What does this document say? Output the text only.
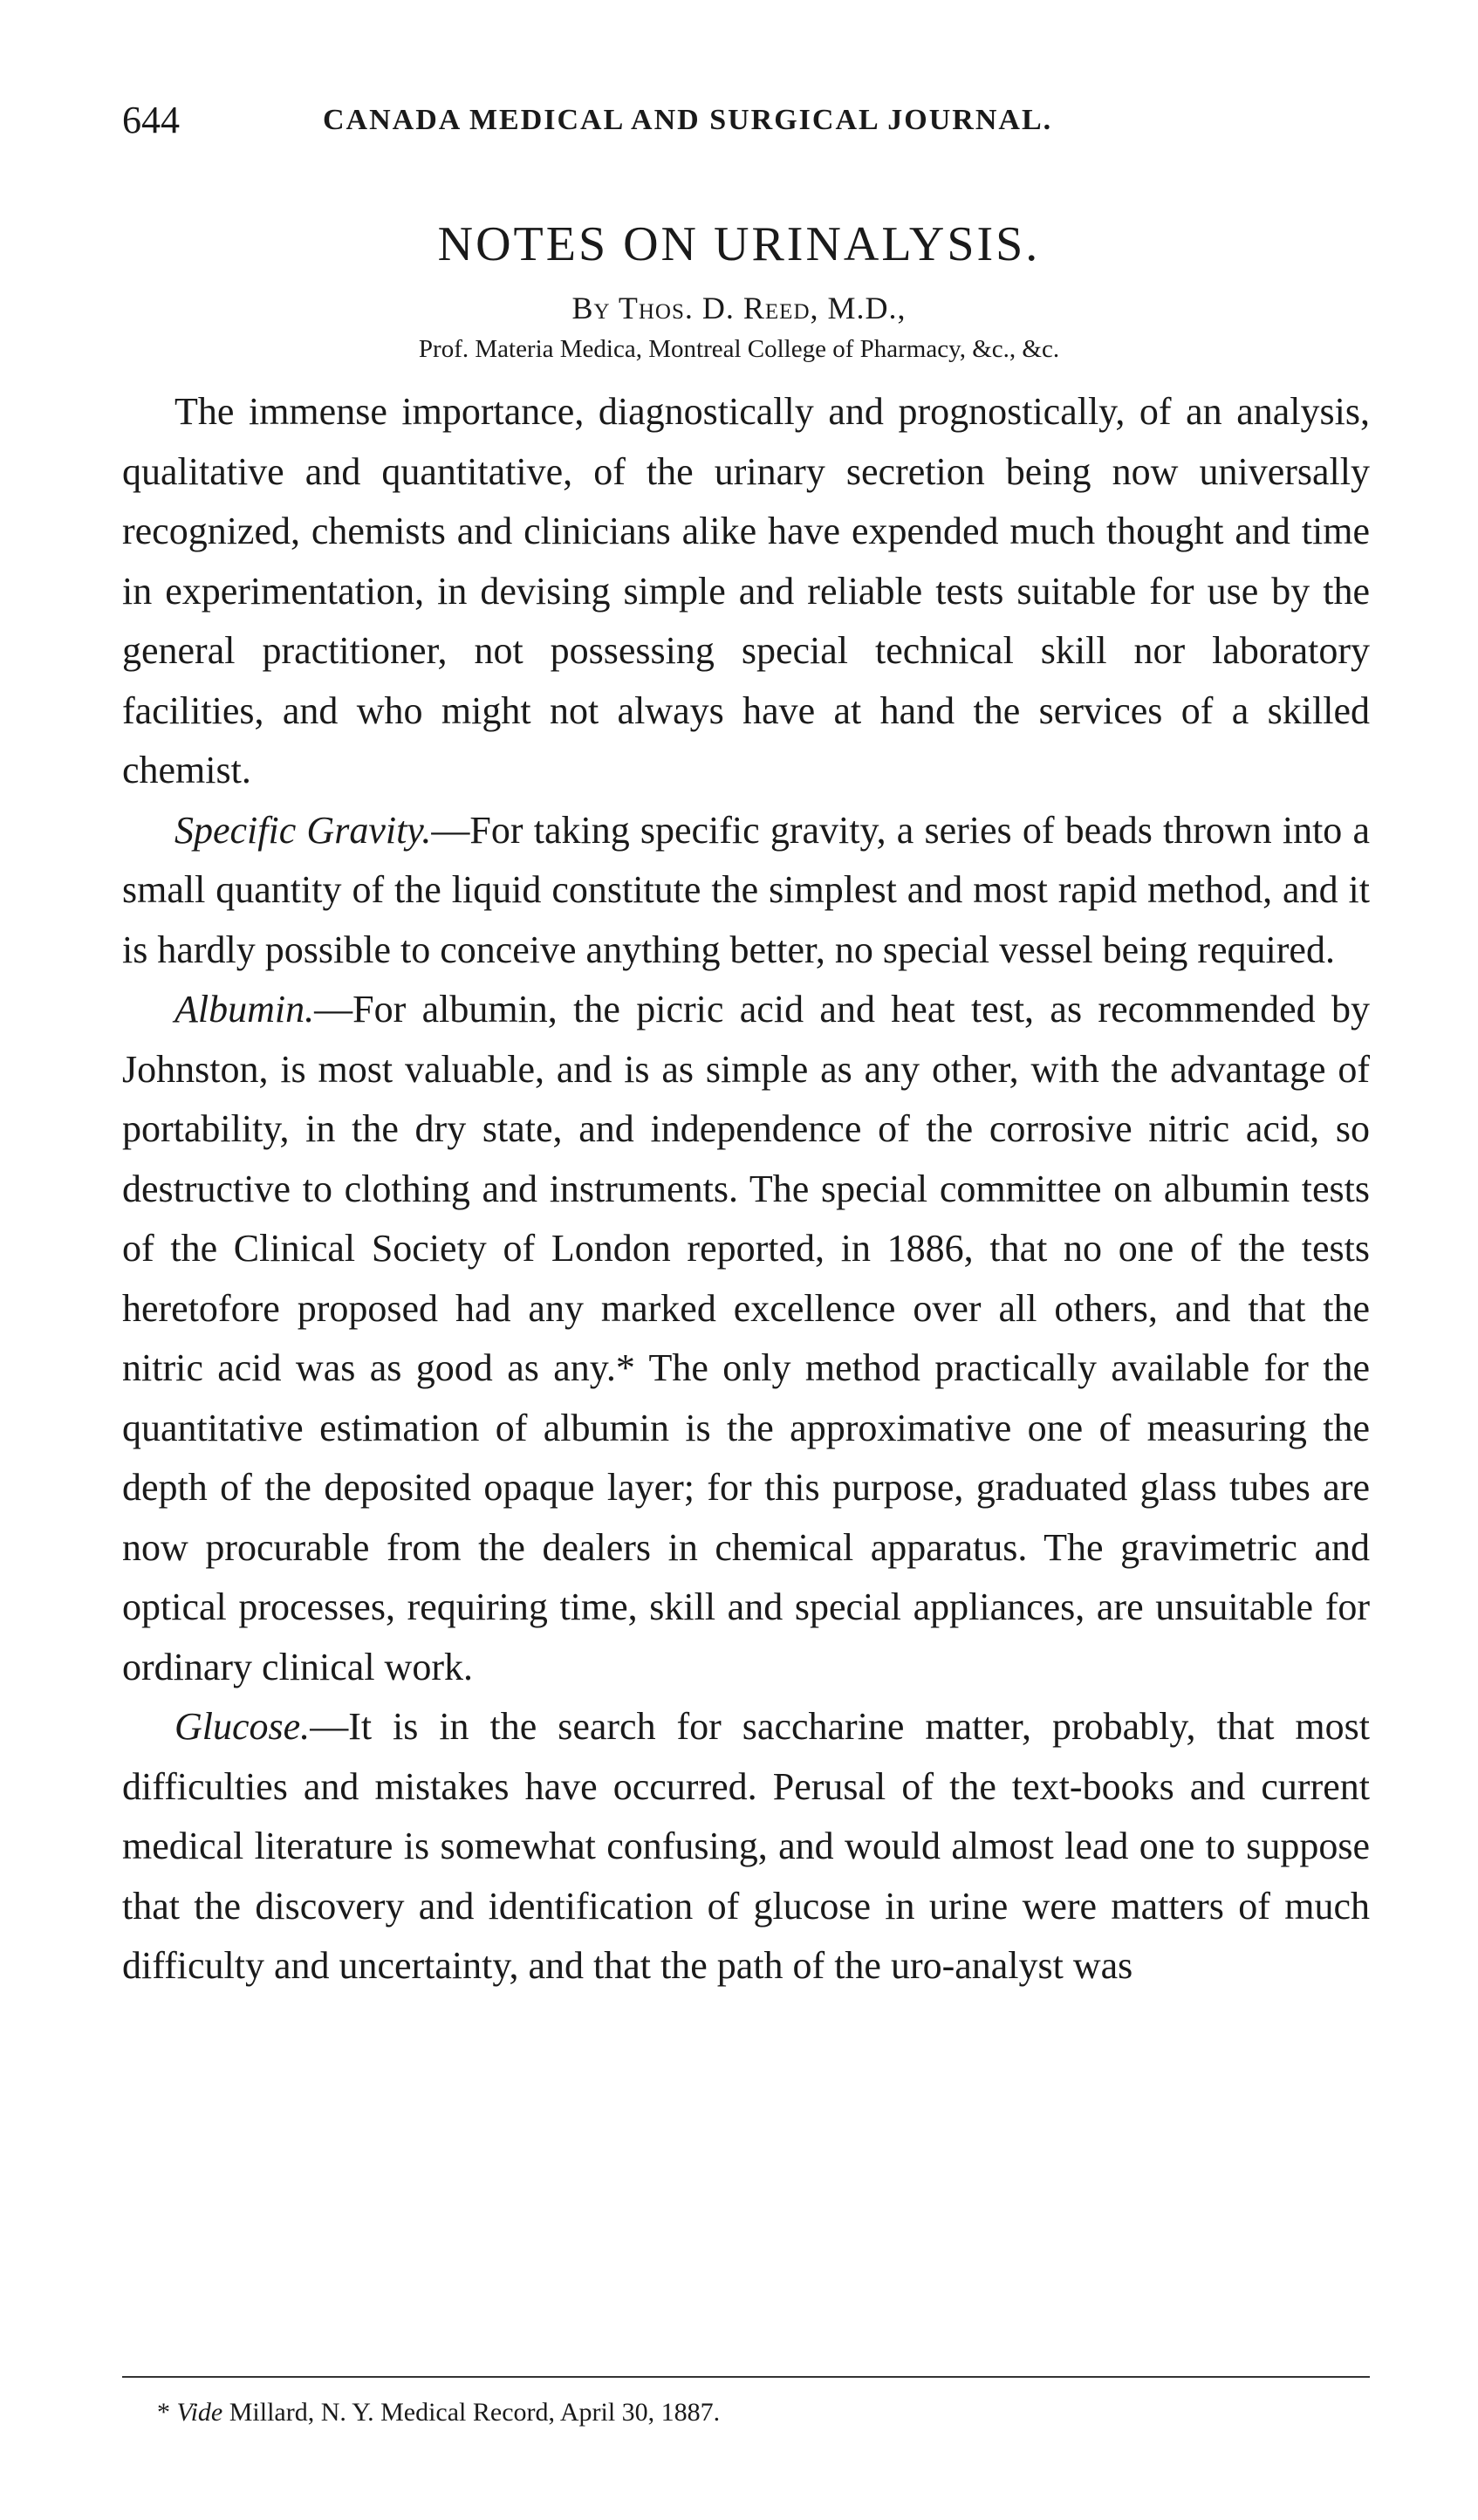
644	CANADA MEDICAL AND SURGICAL JOURNAL.
NOTES ON URINALYSIS.
By Thos. D. Reed, M.D.,
Prof. Materia Medica, Montreal College of Pharmacy, &c., &c.

The immense importance, diagnostically and prognostically, of an analysis, qualitative and quantitative, of the urinary secretion being now universally recognized, chemists and clinicians alike have expended much thought and time in experimentation, in devising simple and reliable tests suitable for use by the general practitioner, not possessing special technical skill nor laboratory facilities, and who might not always have at hand the services of a skilled chemist.

Specific Gravity.—For taking specific gravity, a series of beads thrown into a small quantity of the liquid constitute the simplest and most rapid method, and it is hardly possible to conceive anything better, no special vessel being required.

Albumin.—For albumin, the picric acid and heat test, as recommended by Johnston, is most valuable, and is as simple as any other, with the advantage of portability, in the dry state, and independence of the corrosive nitric acid, so destructive to clothing and instruments. The special committee on albumin tests of the Clinical Society of London reported, in 1886, that no one of the tests heretofore proposed had any marked excellence over all others, and that the nitric acid was as good as any.* The only method practically available for the quantitative estimation of albumin is the approximative one of measuring the depth of the deposited opaque layer; for this purpose, graduated glass tubes are now procurable from the dealers in chemical apparatus. The gravimetric and optical processes, requiring time, skill and special appliances, are unsuitable for ordinary clinical work.

Glucose.—It is in the search for saccharine matter, probably, that most difficulties and mistakes have occurred. Perusal of the text-books and current medical literature is somewhat confusing, and would almost lead one to suppose that the discovery and identification of glucose in urine were matters of much difficulty and uncertainty, and that the path of the uro-analyst was

* Vide Millard, N. Y. Medical Record, April 30, 1887.
